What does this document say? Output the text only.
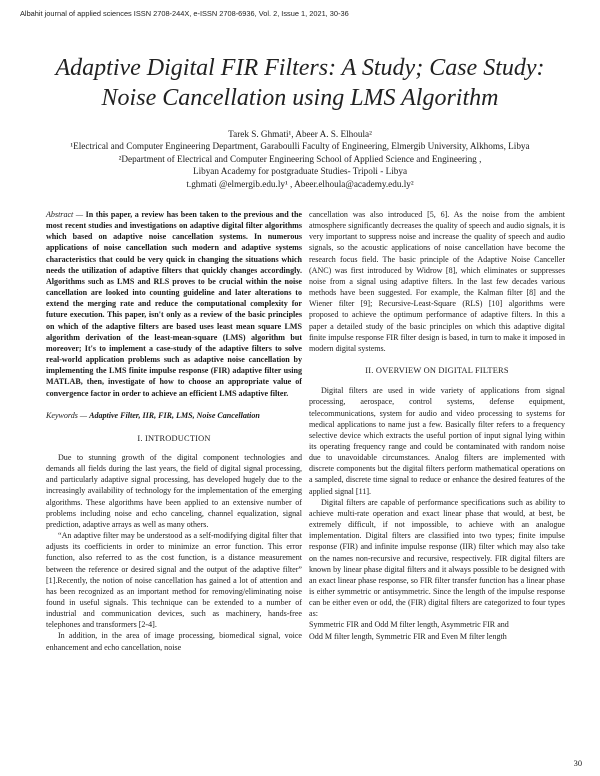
Albahit journal of applied sciences ISSN 2708-244X, e-ISSN 2708-6936, Vol. 2, Issue 1, 2021, 30-36
Adaptive Digital FIR Filters: A Study; Case Study: Noise Cancellation using LMS Algorithm
Tarek S. Ghmati¹, Abeer A. S. Elhoula²
¹Electrical and Computer Engineering Department, Garaboulli Faculty of Engineering, Elmergib University, Alkhoms, Libya
²Department of Electrical and Computer Engineering School of Applied Science and Engineering ,
Libyan Academy for postgraduate Studies- Tripoli - Libya
t.ghmati @elmergib.edu.ly¹ , Abeer.elhoula@academy.edu.ly²

Abstract — In this paper, a review has been taken to the previous and the most recent studies and investigations on adaptive digital filter algorithms which based on adaptive noise cancellation systems. In numerous applications of noise cancellation such modern and adaptive systems characteristics that could be very quick in changing the situations which needs the utilization of adaptive filters that quickly changes accordingly. Algorithms such as LMS and RLS proves to be crucial within the noise cancellation are looked into counting guideline and later alterations to extend the merging rate and reduce the computational complexity for future execution. This paper, isn't only as a review of the basic principles on which of the adaptive filters are based uses least mean square LMS algorithm derivation of the least-mean-square (LMS) algorithm but moreover; It's to implement a case-study of the adaptive filters to solve real-world application problems such as adaptive noise cancellation by implementing the LMS finite impulse response (FIR) adaptive filter using MATLAB, then, investigate of how to choose an appropriate value of convergence factor in order to achieve an efficient LMS adaptive filter.

Keywords — Adaptive Filter, IIR, FIR, LMS, Noise Cancellation

I. INTRODUCTION

Due to stunning growth of the digital component technologies and demands all fields during the last years, the field of digital signal processing, and particularly adaptive signal processing, has developed hugely due to the increasingly availability of technology for the implementation of the emerging algorithms. These algorithms have been applied to an extensive number of problems including noise and echo canceling, channel equalization, signal prediction, adaptive arrays as well as many others.

“An adaptive filter may be understood as a self-modifying digital filter that adjusts its coefficients in order to minimize an error function. This error function, also referred to as the cost function, is a distance measurement between the reference or desired signal and the output of the adaptive filter” [1].Recently, the notion of noise cancellation has gained a lot of attention and has been recognized as an important method for removing/eliminating noise found in useful signals. This technique can be extended to a number of industrial and communication devices, such as machinery, hands-free telephones and transformers [2-4].

In addition, in the area of image processing, biomedical signal, voice enhancement and echo cancellation, noise

cancellation was also introduced [5, 6]. As the noise from the ambient atmosphere significantly decreases the quality of speech and audio signals, it is very important to suppress noise and increase the quality of speech and audio signals, so the acoustic applications of noise cancellation have become the research focus field. The basic principle of the Adaptive Noise Canceller (ANC) was first introduced by Widrow [8], which eliminates or suppresses noise from a signal using adaptive filters. In the last few decades various methods have been suggested. For example, the Kalman filter [8] and the Wiener filter [9]; Recursive-Least-Square (RLS) [10] algorithms were proposed to achieve the optimum performance of adaptive filters. In this a paper a detailed study of the basic principles on which this adaptive digital finite impulse response FIR filter design is based, in turn to make it imposed in modern digital systems.

II. OVERVIEW ON DIGITAL FILTERS

Digital filters are used in wide variety of applications from signal processing, aerospace, control systems, defense equipment, telecommunications, system for audio and video processing to systems for medical applications to name just a few. Basically filter refers to a frequency selective device which extracts the useful portion of input signal lying within its operating frequency range and could be contaminated with random noise due to unavoidable circumstances. Analog filters are implemented with discrete components but the digital filters perform mathematical operations on a sampled, discrete time signal to reduce or enhance the desired features of the applied signal [11].

Digital filters are capable of performance specifications such as ability to achieve multi-rate operation and exact linear phase that would, at best, be extremely difficult, if not impossible, to achieve with an analogue implementation. Digital filters are classified into two types; finite impulse response (FIR) and infinite impulse response (IIR) filter which may also take on the names non-recursive and recursive, respectively. FIR digital filters are known by linear phase digital filters and it always possible to be designed with an exact linear phase response, so FIR filter transfer function has a linear phase is either symmetric or antisymmetric. Since the length of the impulse response can be either even or odd, the (FIR) digital filters are categorized to four types as:

Symmetric FIR and Odd M filter length, Asymmetric FIR and

Odd M filter length, Symmetric FIR and Even M filter length

30
